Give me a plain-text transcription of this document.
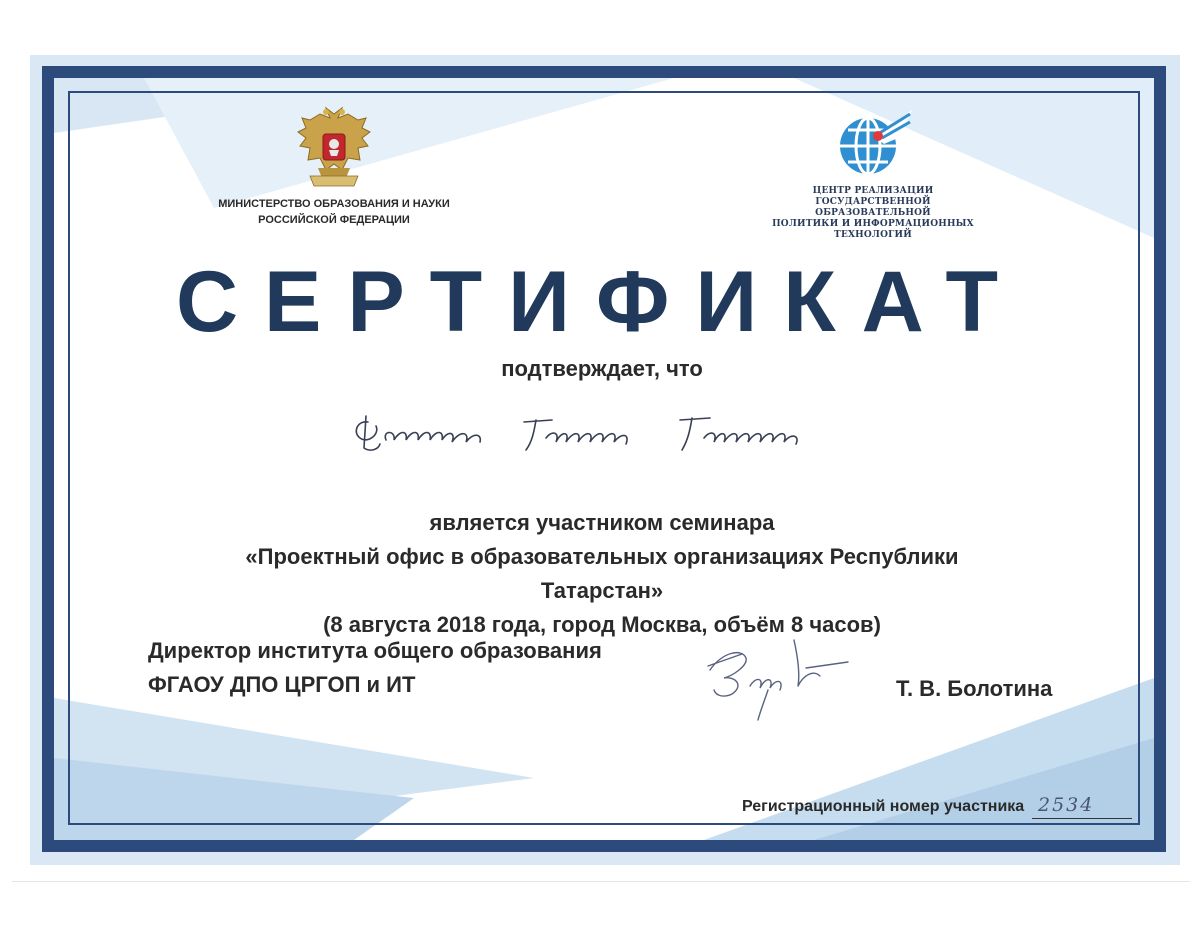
МИНИСТЕРСТВО ОБРАЗОВАНИЯ И НАУКИ
РОССИЙСКОЙ ФЕДЕРАЦИИ
ЦЕНТР РЕАЛИЗАЦИИ
ГОСУДАРСТВЕННОЙ ОБРАЗОВАТЕЛЬНОЙ
ПОЛИТИКИ И ИНФОРМАЦИОННЫХ
ТЕХНОЛОГИЙ
СЕРТИФИКАТ
подтверждает, что
является участником семинара
«Проектный офис в образовательных организациях Республики Татарстан»
(8 августа 2018 года, город Москва, объём 8 часов)
Директор института общего образования
ФГАОУ ДПО ЦРГОП и ИТ	Т. В. Болотина
Регистрационный номер участника 2534
